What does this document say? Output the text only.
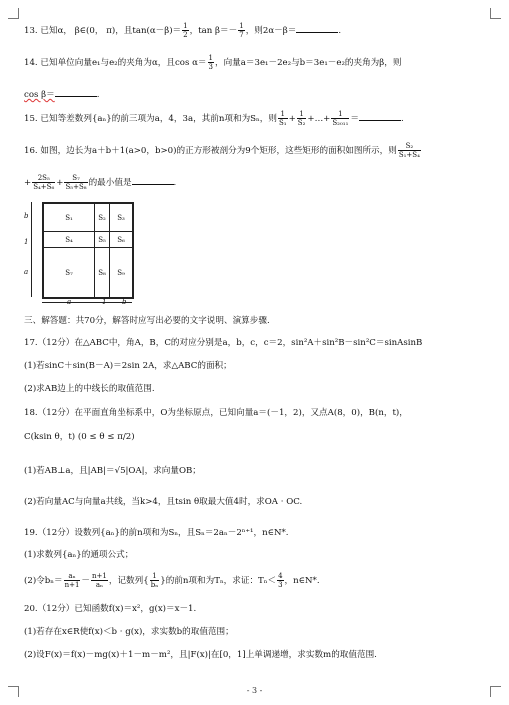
13. 已知α， β∈(0， π)，且$\tan(\alpha-\beta)= \frac{1}{2}$ ，$\tan \beta=- \frac{1}{7}$ ，则2α－β＝	.
14. 已知单位向量e₁与e₂的夹角为α，且$\cos \alpha= \frac{1}{3}$ ，向量a＝3e₁－2e₂与b＝3e₁－e₂的夹角为β，则
cos β＝	.
15. 已知等差数列{aₙ}的前三项为a，4，3a，其前n项和为Sₙ，则 $\frac{1}{\text{S₁}} + \frac{1}{\text{S₂}}$ +…+ $\frac{1}{\text{S₂₀₁₁}}$ ＝	.
16. 如图，边长为a＋b＋1(a>0，b>0)的正方形被剖分为9个矩形，这些矩形的面积如图所示，则 $\frac{\text{S₂}}{\text{S₁+S₄}}$
+ $\frac{\text{2S₅}}{\text{S₄+S₆}} + \frac{\text{S₇}}{\text{S₅+S₈}}$ 的最小值是	.
b
1
a
S₁	S₂	S₃
S₄	S₅	S₆
S₇	S₈	S₉
a	1 b
三、解答题：共70分，解答时应写出必要的文字说明、演算步骤.
17.（12分）在△ABC中，角A，B，C的对应分别是a，b，c，c＝2，sin²A＋sin²B－sin²C＝sinAsinB
(1)若sinC＋sin(B－A)＝2sin 2A，求△ABC的面积；
(2)求AB边上的中线长的取值范围.
18.（12分）在平面直角坐标系中，O为坐标原点，已知向量a＝(－1，2)，又点A(8，0)，B(n，t)，
C(ksin θ，t) (0 ≤ θ ≤ π/2)
(1)若AB⊥a，且|AB|＝√5|OA|，求向量OB；
(2)若向量AC与向量a共线，当k>4，且tsin θ取最大值4时，求OA · OC.
19.（12分）设数列{aₙ}的前n项和为Sₙ，且Sₙ＝2aₙ－2ⁿ⁺¹，n∈N*.
(1)求数列{aₙ}的通项公式；
(2)令$b_n= \frac{\text{aₙ}}{n+1} - \frac{n+1}{\text{aₙ}}$ ，记数列{ $\frac{1}{\text{bₙ}}$ }的前n项和为Tₙ，求证：$T_n< \frac{4}{3}$ ，n∈N*.
20.（12分）已知函数f(x)＝x²，g(x)＝x－1.
(1)若存在x∈R使f(x)＜b · g(x)，求实数b的取值范围；
(2)设F(x)＝f(x)－mg(x)＋1－m－m²，且|F(x)|在[0，1]上单调递增，求实数m的取值范围.
- 3 -
